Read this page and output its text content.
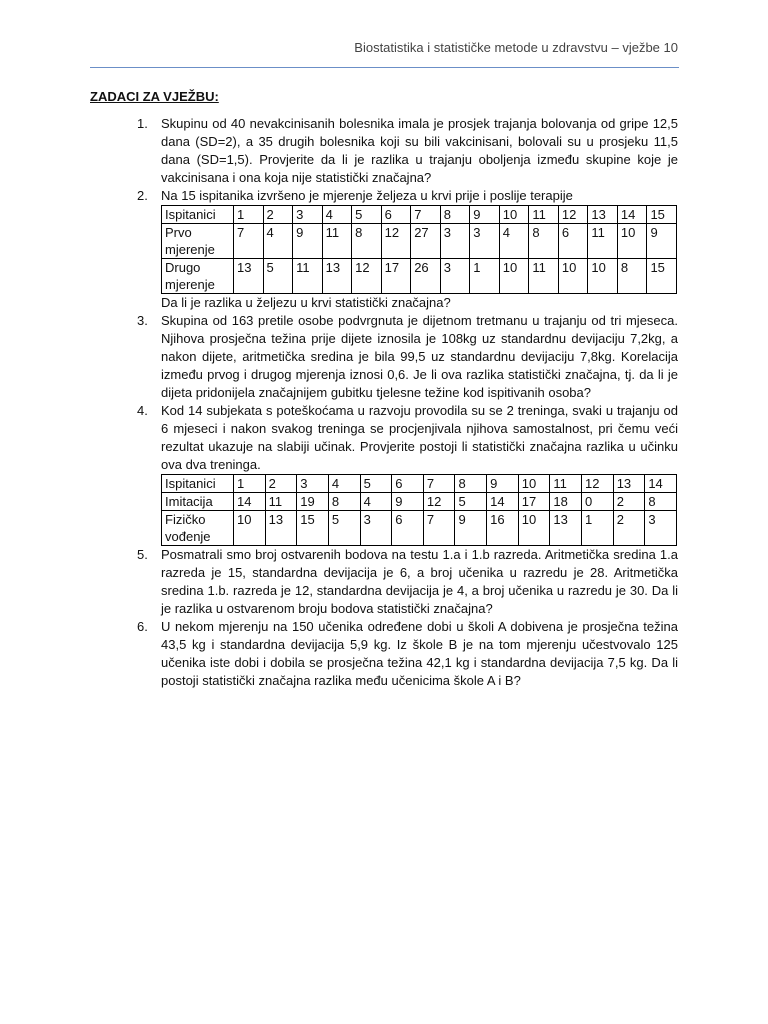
Biostatistika i statističke metode u zdravstvu – vježbe 10
ZADACI ZA VJEŽBU:
1.	Skupinu od 40 nevakcinisanih bolesnika imala je prosjek trajanja bolovanja od gripe 12,5 dana (SD=2), a 35 drugih bolesnika koji su bili vakcinisani, bolovali su u prosjeku 11,5 dana (SD=1,5). Provjerite da li je razlika u trajanju oboljenja između skupine koje je vakcinisana i ona koja nije statistički značajna?
2.	Na 15 ispitanika izvršeno je mjerenje željeza u krvi prije i poslije terapije
Ispitanici	1	2	3	4	5	6	7	8	9	10	11	12	13	14	15
Prvo mjerenje	7	4	9	11	8	12	27	3	3	4	8	6	11	10	9
Drugo mjerenje	13	5	11	13	12	17	26	3	1	10	11	10	10	8	15
Da li je razlika u željezu u krvi statistički značajna?
3.	Skupina od 163 pretile osobe podvrgnuta je dijetnom tretmanu u trajanju od tri mjeseca. Njihova prosječna težina prije dijete iznosila je 108kg uz standardnu devijaciju 7,2kg, a nakon dijete, aritmetička sredina je bila 99,5 uz standardnu devijaciju 7,8kg. Korelacija između prvog i drugog mjerenja iznosi 0,6. Je li ova razlika statistički značajna, tj. da li je dijeta pridonijela značajnijem gubitku tjelesne težine kod ispitivanih osoba?
4.	Kod 14 subjekata s poteškoćama u razvoju provodila su se 2 treninga, svaki u trajanju od 6 mjeseci i nakon svakog treninga se procjenjivala njihova samostalnost, pri čemu veći rezultat ukazuje na slabiji učinak. Provjerite postoji li statistički značajna razlika u učinku ova dva treninga.
Ispitanici	1	2	3	4	5	6	7	8	9	10	11	12	13	14
Imitacija	14	11	19	8	4	9	12	5	14	17	18	0	2	8
Fizičko vođenje	10	13	15	5	3	6	7	9	16	10	13	1	2	3
5.	Posmatrali smo broj ostvarenih bodova na testu 1.a i 1.b razreda. Aritmetička sredina 1.a razreda je 15, standardna devijacija je 6, a broj učenika u razredu je 28. Aritmetička sredina 1.b. razreda je 12, standardna devijacija je 4, a broj učenika u razredu je 30. Da li je razlika u ostvarenom broju bodova statistički značajna?
6.	U nekom mjerenju na 150 učenika određene dobi u školi A dobivena je prosječna težina 43,5 kg i standardna devijacija 5,9 kg. Iz škole B je na tom mjerenju učestvovalo 125 učenika iste dobi i dobila se prosječna težina 42,1 kg i standardna devijacija 7,5 kg. Da li postoji statistički značajna razlika među učenicima škole A i B?
